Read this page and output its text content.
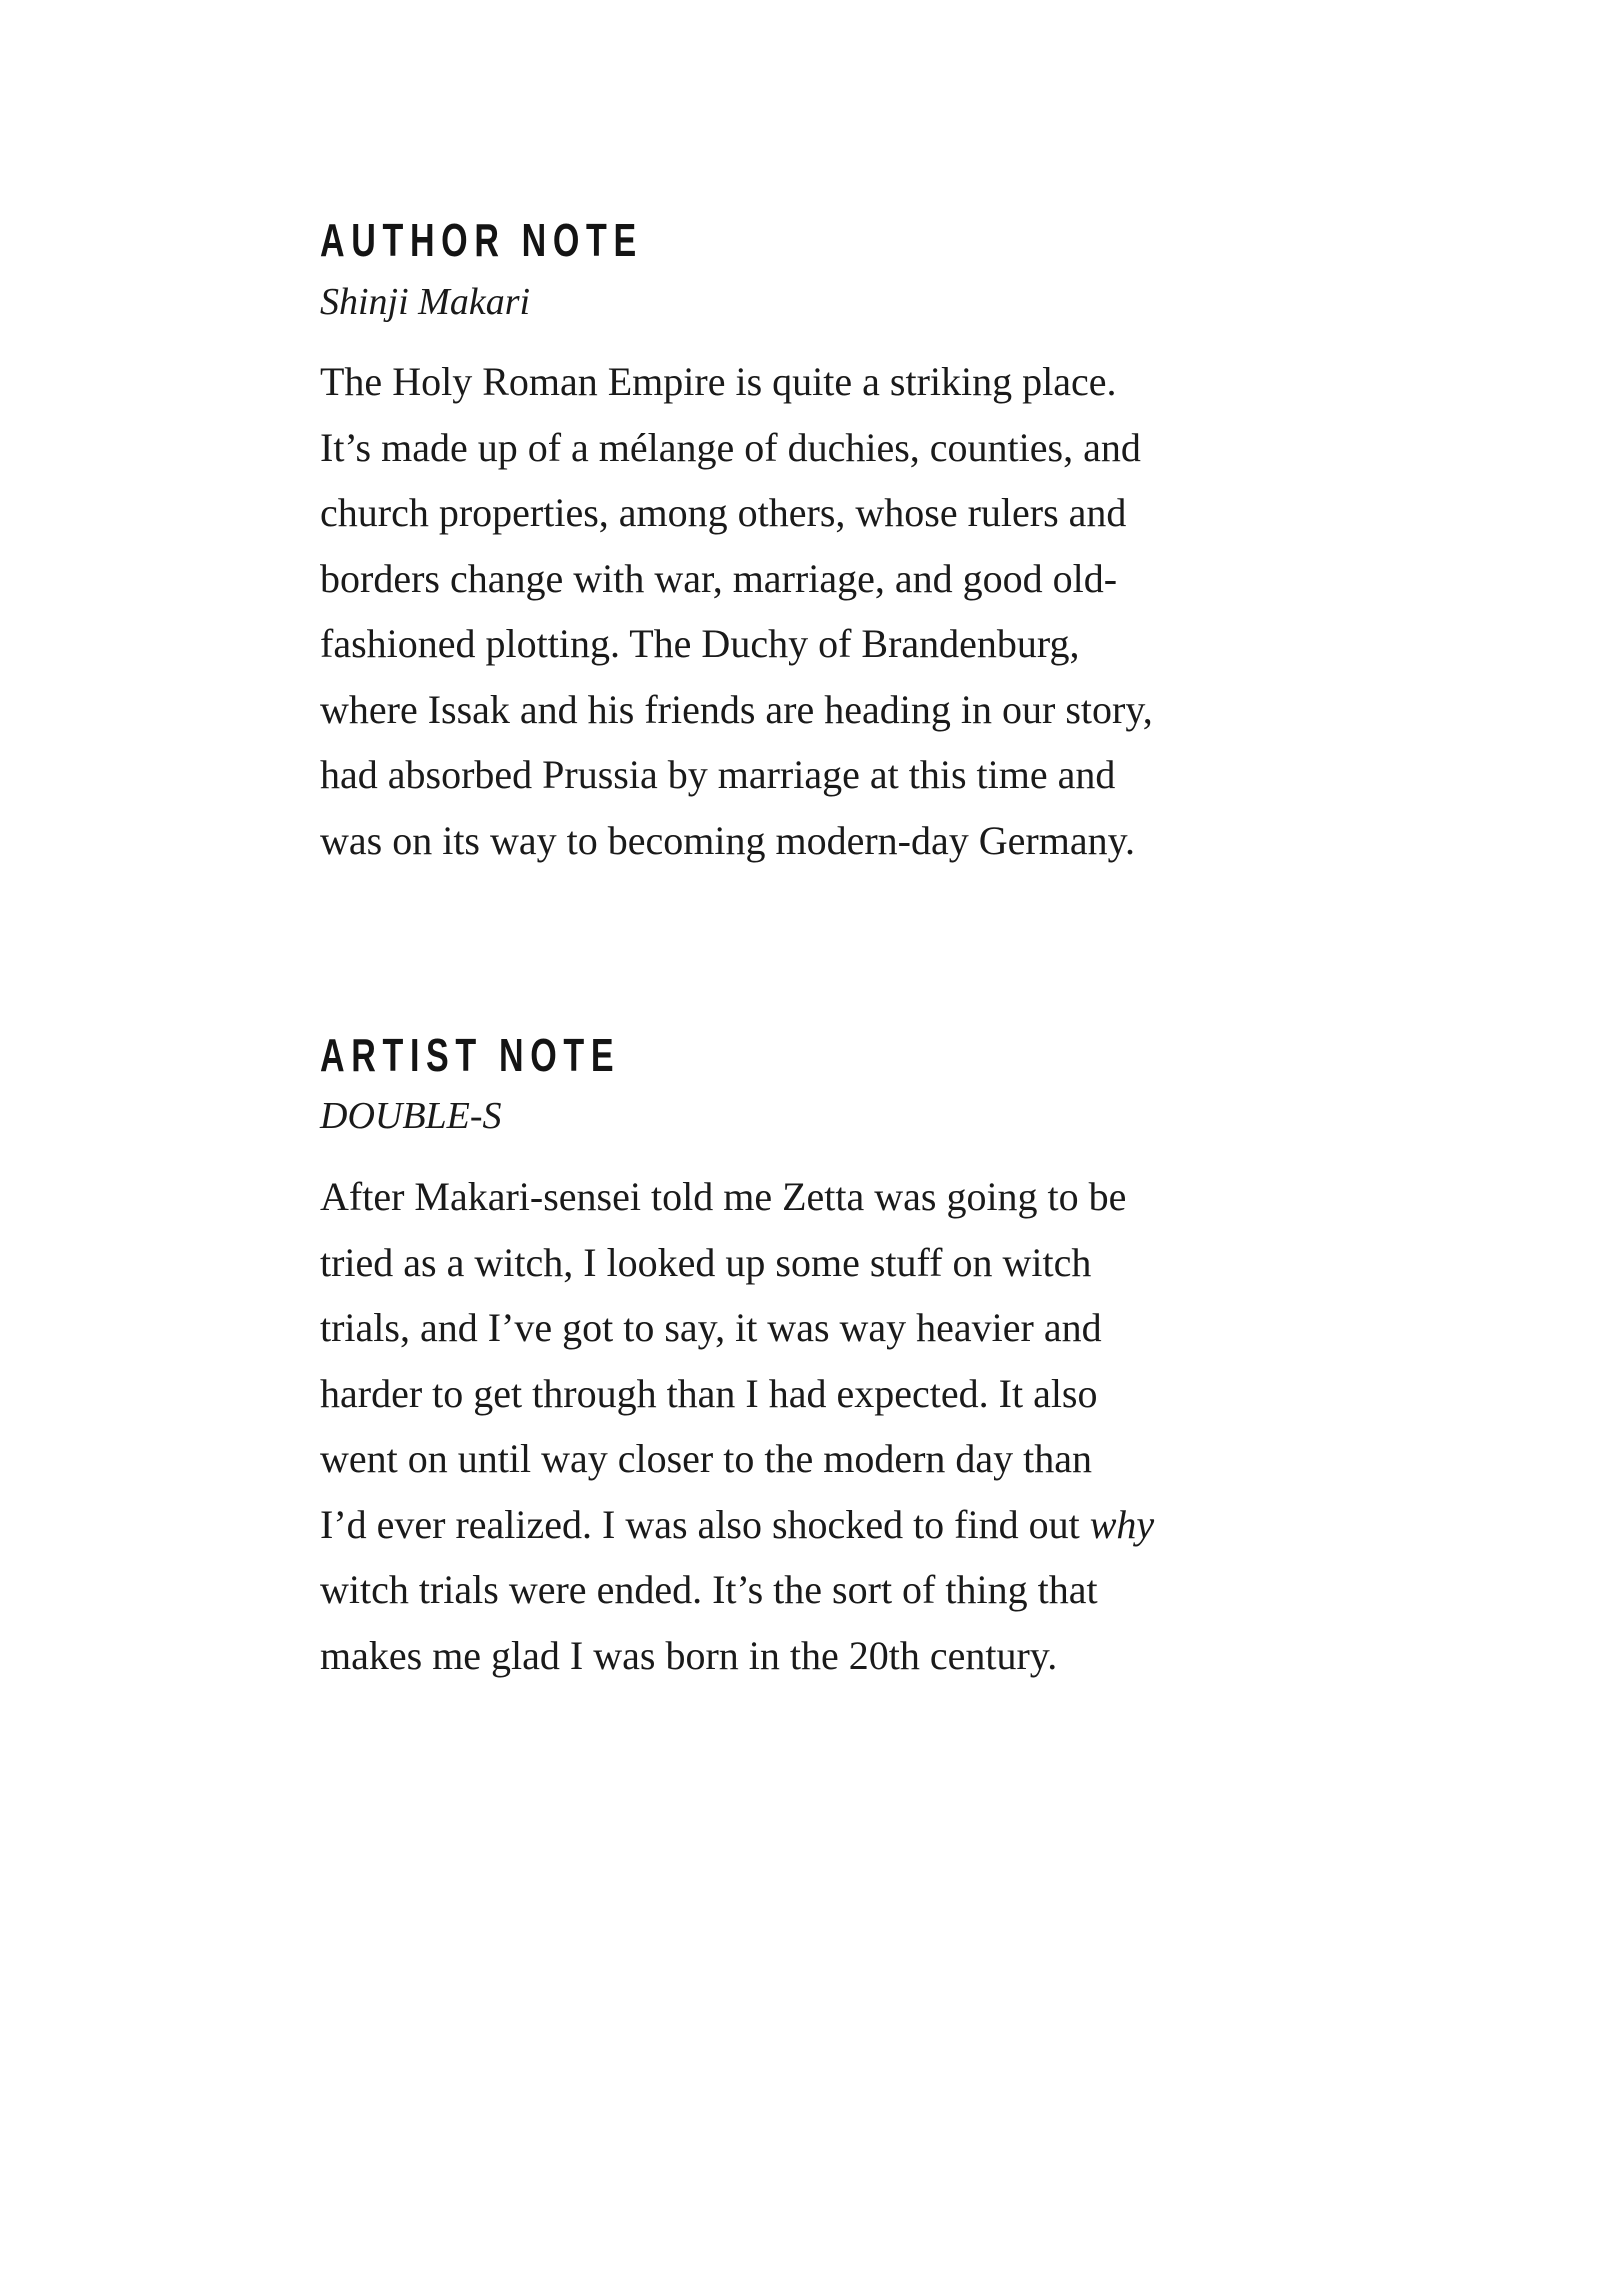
AUTHOR NOTE
Shinji Makari
The Holy Roman Empire is quite a striking place.
It’s made up of a mélange of duchies, counties, and
church properties, among others, whose rulers and
borders change with war, marriage, and good old-
fashioned plotting. The Duchy of Brandenburg,
where Issak and his friends are heading in our story,
had absorbed Prussia by marriage at this time and
was on its way to becoming modern-day Germany.
ARTIST NOTE
DOUBLE-S
After Makari-sensei told me Zetta was going to be
tried as a witch, I looked up some stuff on witch
trials, and I’ve got to say, it was way heavier and
harder to get through than I had expected. It also
went on until way closer to the modern day than
I’d ever realized. I was also shocked to find out why
witch trials were ended. It’s the sort of thing that
makes me glad I was born in the 20th century.
